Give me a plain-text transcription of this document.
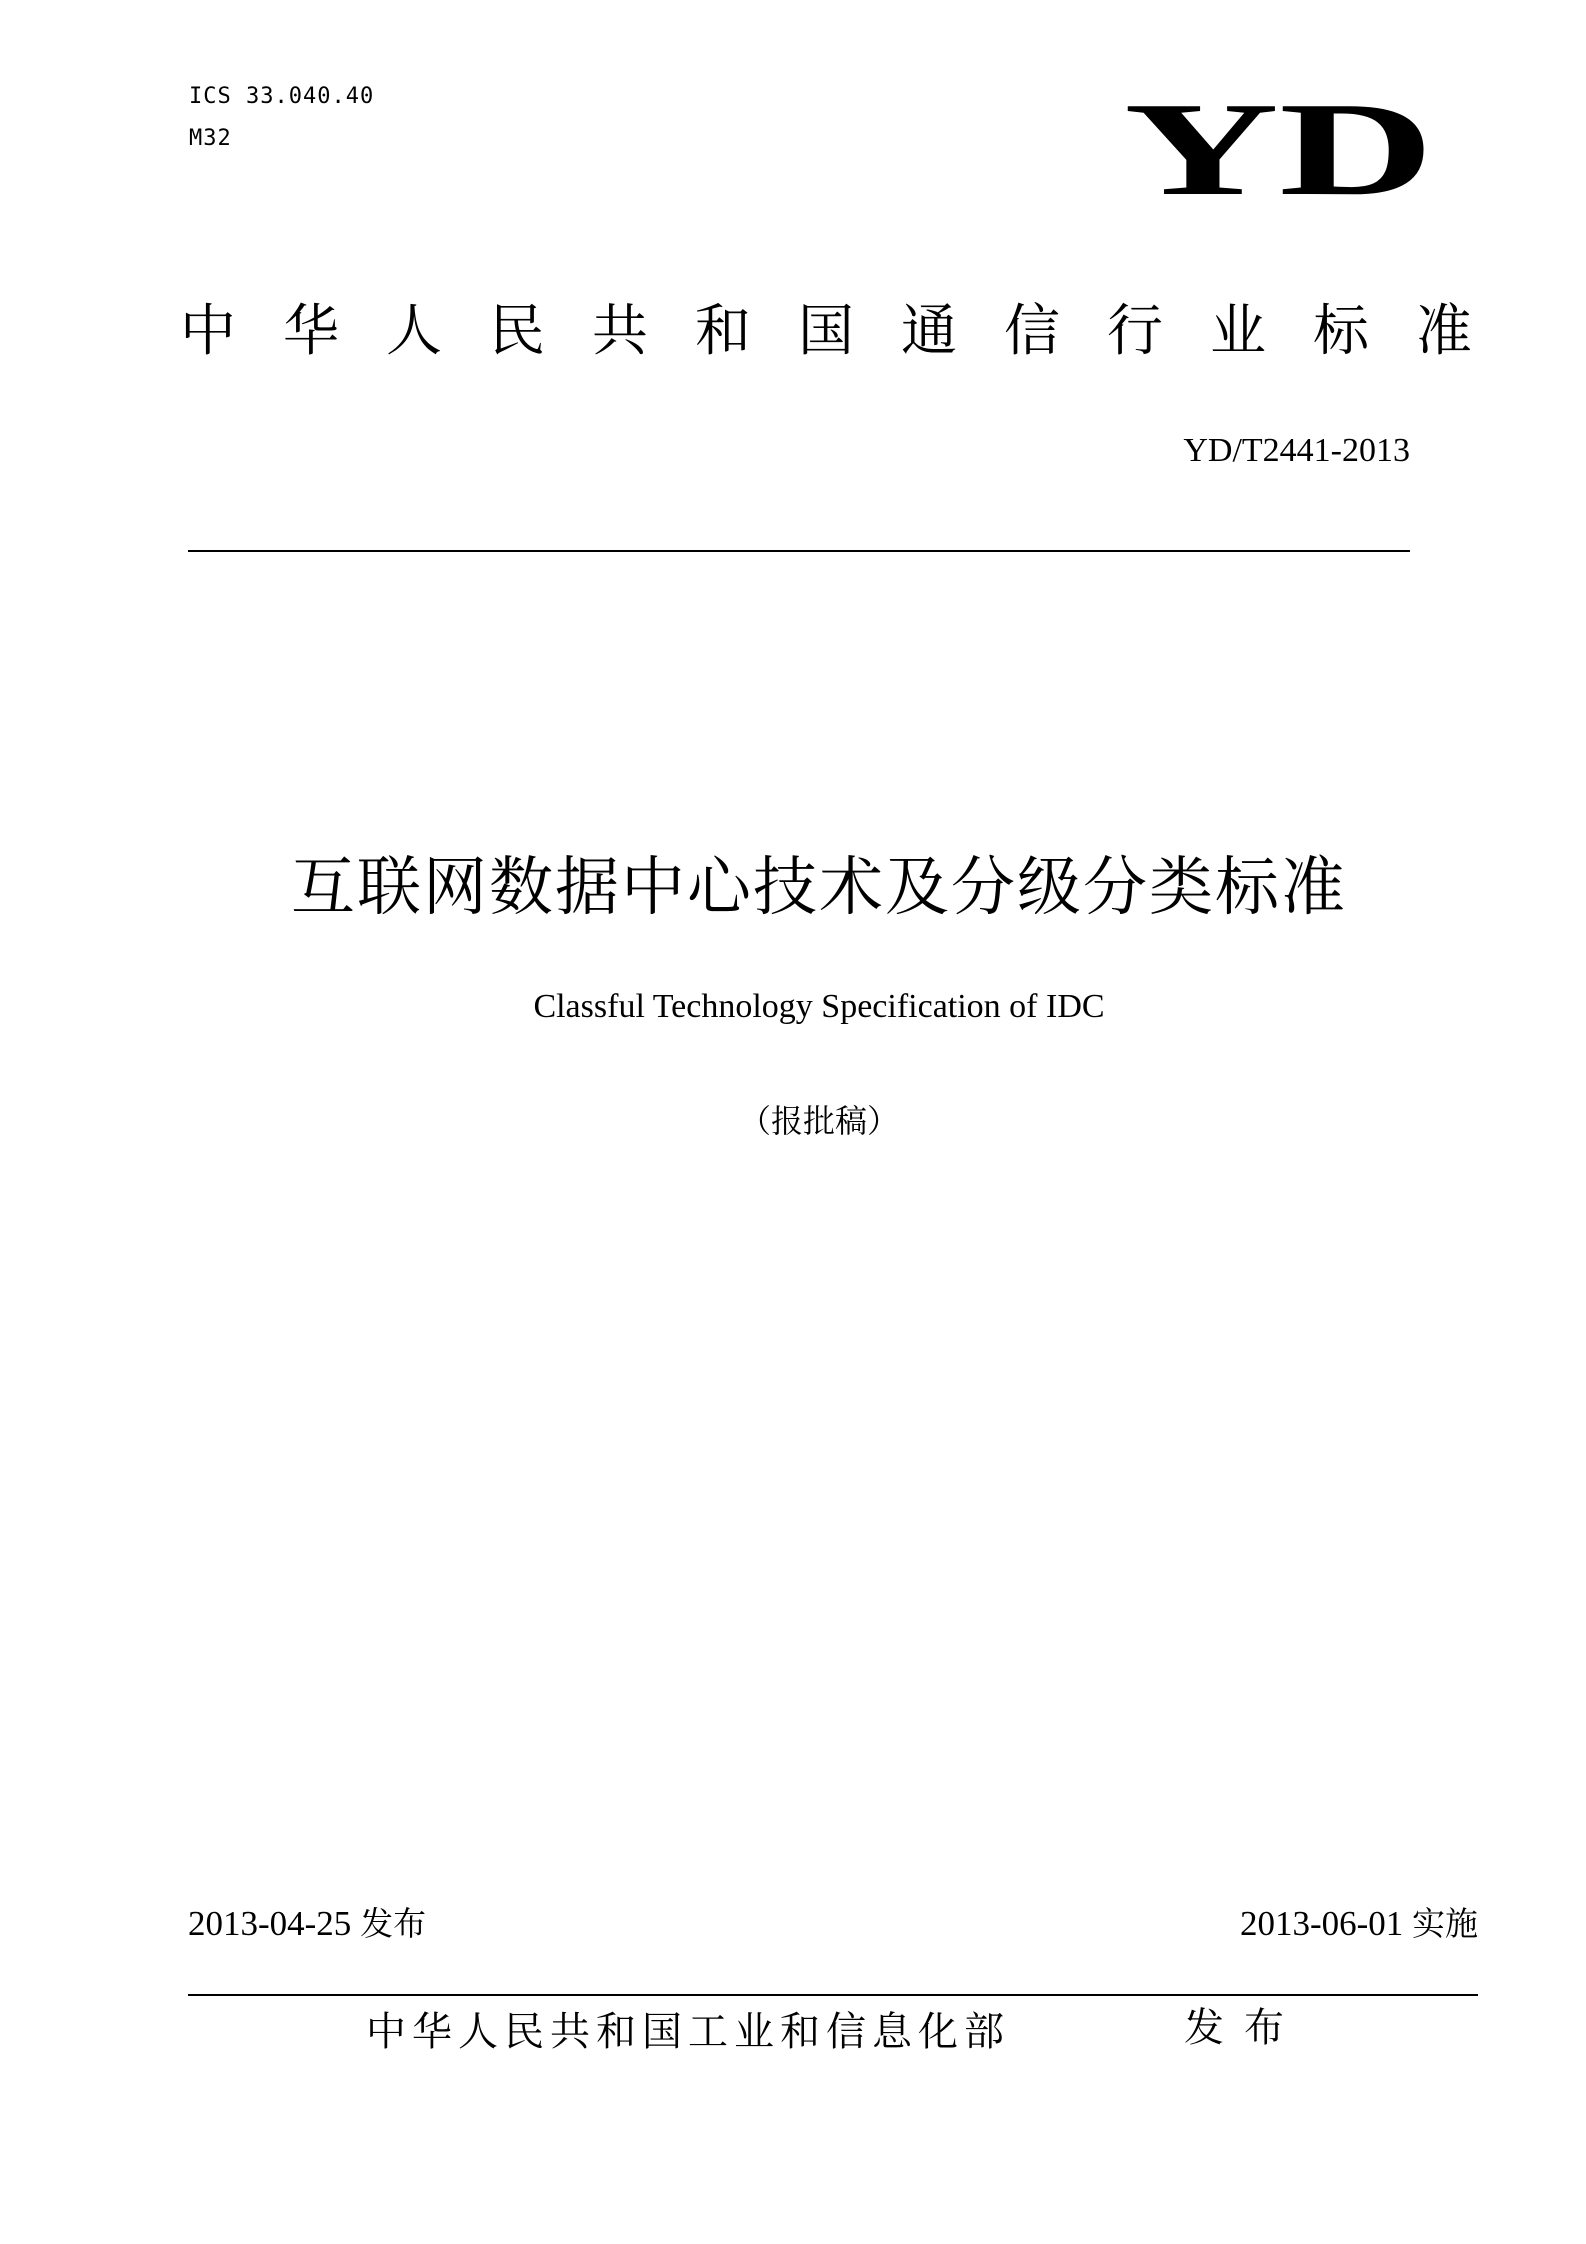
ICS 33.040.40
M32	YD
中华人民共和国通信行业标准
YD/T2441-2013
互联网数据中心技术及分级分类标准
Classful Technology Specification of IDC
（报批稿）
2013-04-25 发布	2013-06-01 实施
中华人民共和国工业和信息化部	发布
